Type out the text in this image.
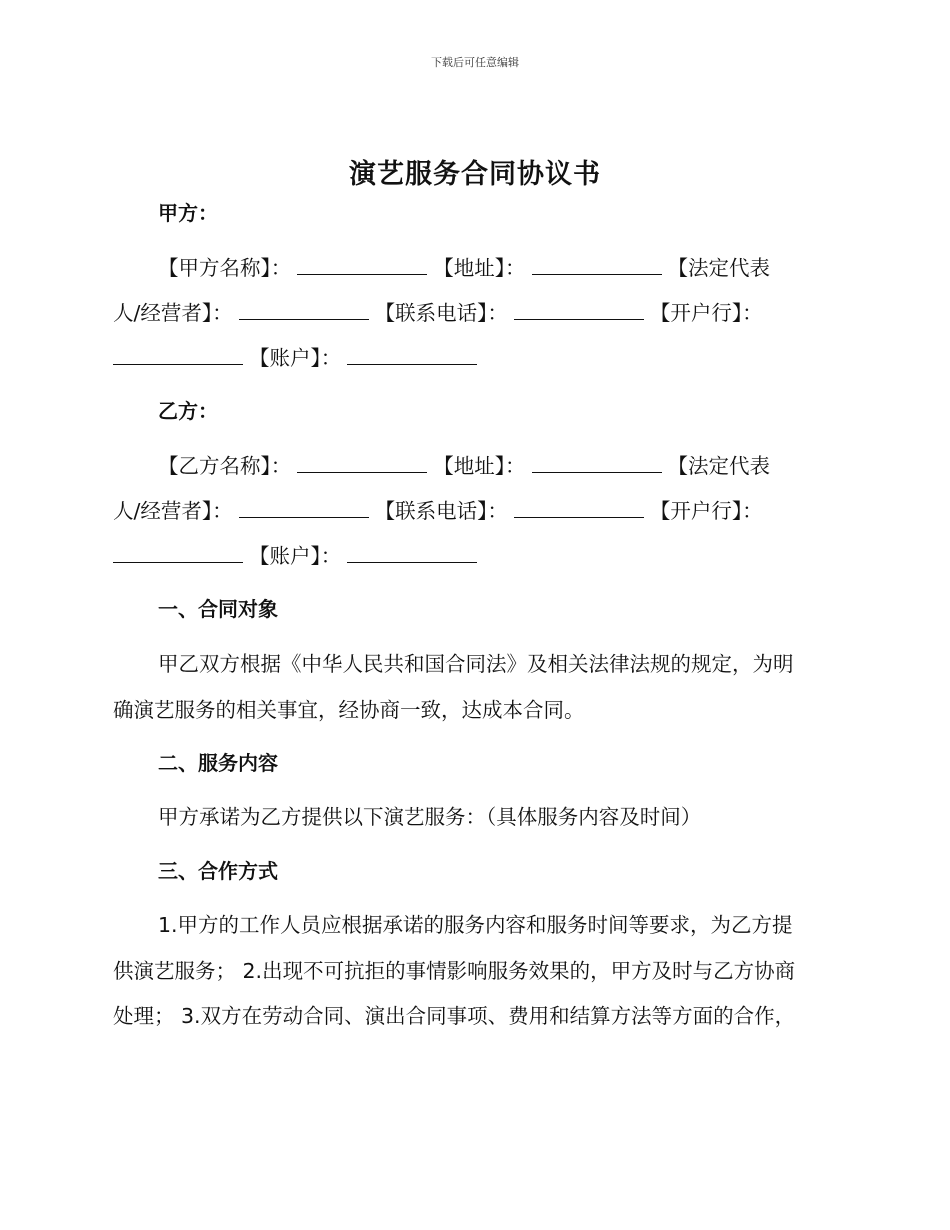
下载后可任意编辑
演艺服务合同协议书
甲方：
【甲方名称】：	【地址】：	【法定代表
人/经营者】：	【联系电话】：	【开户行】：
【账户】：
乙方：
【乙方名称】：	【地址】：	【法定代表
人/经营者】：	【联系电话】：	【开户行】：
【账户】：
一、合同对象
甲乙双方根据《中华人民共和国合同法》及相关法律法规的规定，为明
确演艺服务的相关事宜，经协商一致，达成本合同。
二、服务内容
甲方承诺为乙方提供以下演艺服务：（具体服务内容及时间）
三、合作方式
1.甲方的工作人员应根据承诺的服务内容和服务时间等要求，为乙方提
供演艺服务； 2.出现不可抗拒的事情影响服务效果的，甲方及时与乙方协商
处理； 3.双方在劳动合同、演出合同事项、费用和结算方法等方面的合作，
